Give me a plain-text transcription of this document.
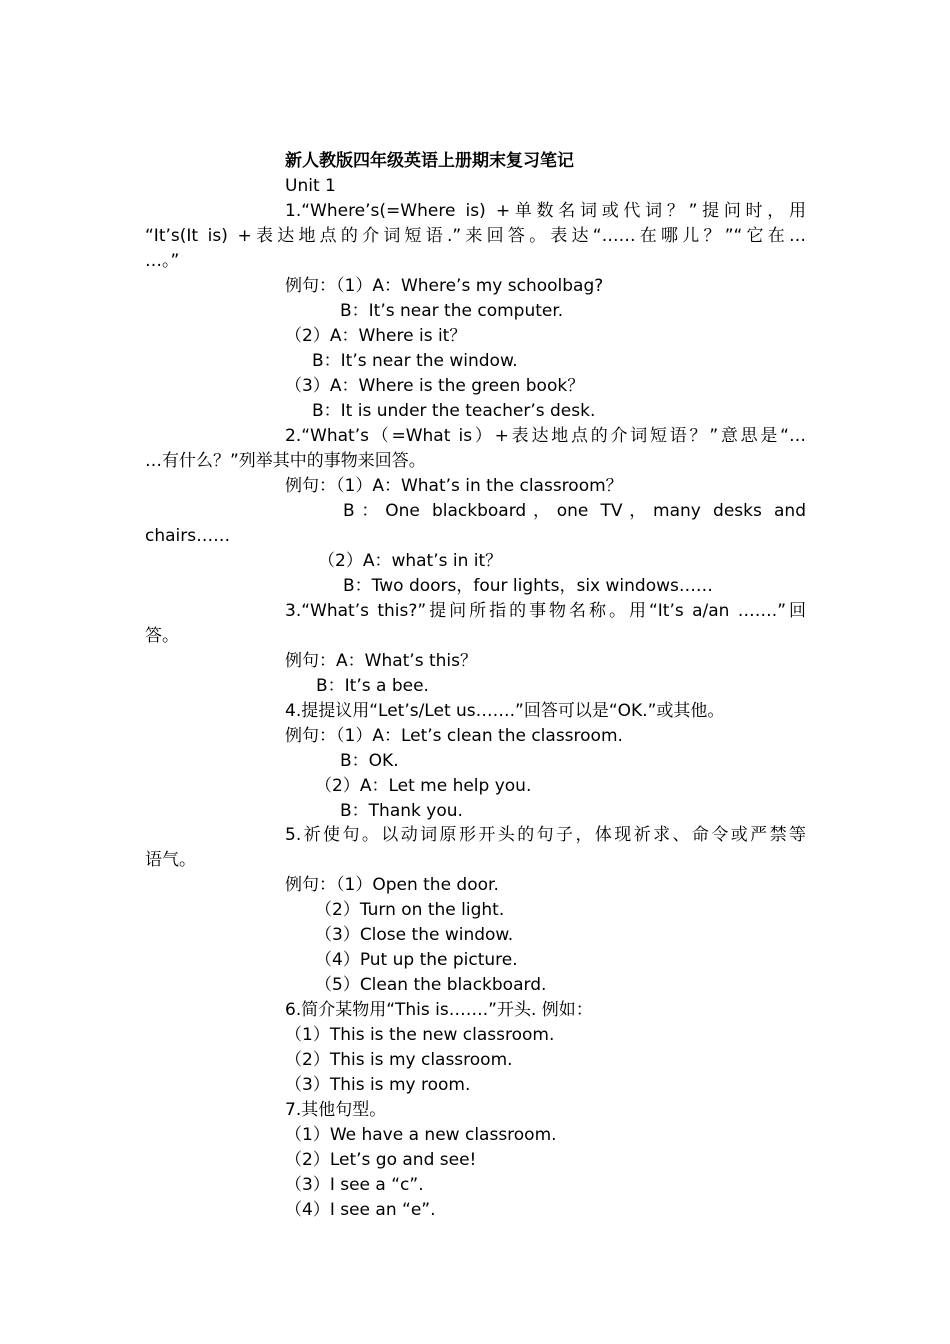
新人教版四年级英语上册期末复习笔记
Unit 1
1.“Where’s(=Where is) +单数名词或代词？”提问时，用
“It’s(It is) +表达地点的介词短语.”来回答。表达“……在哪儿？”“它在…
…。”
例句：（1）A：Where’s my schoolbag?
B：It’s near the computer.
（2）A：Where is it？
B：It’s near the window.
（3）A：Where is the green book？
B：It is under the teacher’s desk.
2.“What’s（=What is）+表达地点的介词短语？”意思是“…
…有什么？”列举其中的事物来回答。
例句：（1）A：What’s in the classroom？
B：One blackboard，one TV，many desks and
chairs……
（2）A：what’s in it？
B：Two doors，four lights，six windows……
3.“What’s this?”提问所指的事物名称。用“It’s a/an …….”回
答。
例句：A：What’s this？
B：It’s a bee.
4.提提议用“Let’s/Let us…….”回答可以是“OK.”或其他。
例句：（1）A：Let’s clean the classroom.
B：OK.
（2）A：Let me help you.
B：Thank you.
5.祈使句。以动词原形开头的句子，体现祈求、命令或严禁等
语气。
例句：（1）Open the door.
（2）Turn on the light.
（3）Close the window.
（4）Put up the picture.
（5）Clean the blackboard.
6.简介某物用“This is…….”开头. 例如：
（1）This is the new classroom.
（2）This is my classroom.
（3）This is my room.
7.其他句型。
（1）We have a new classroom.
（2）Let’s go and see!
（3）I see a “c”.
（4）I see an “e”.
